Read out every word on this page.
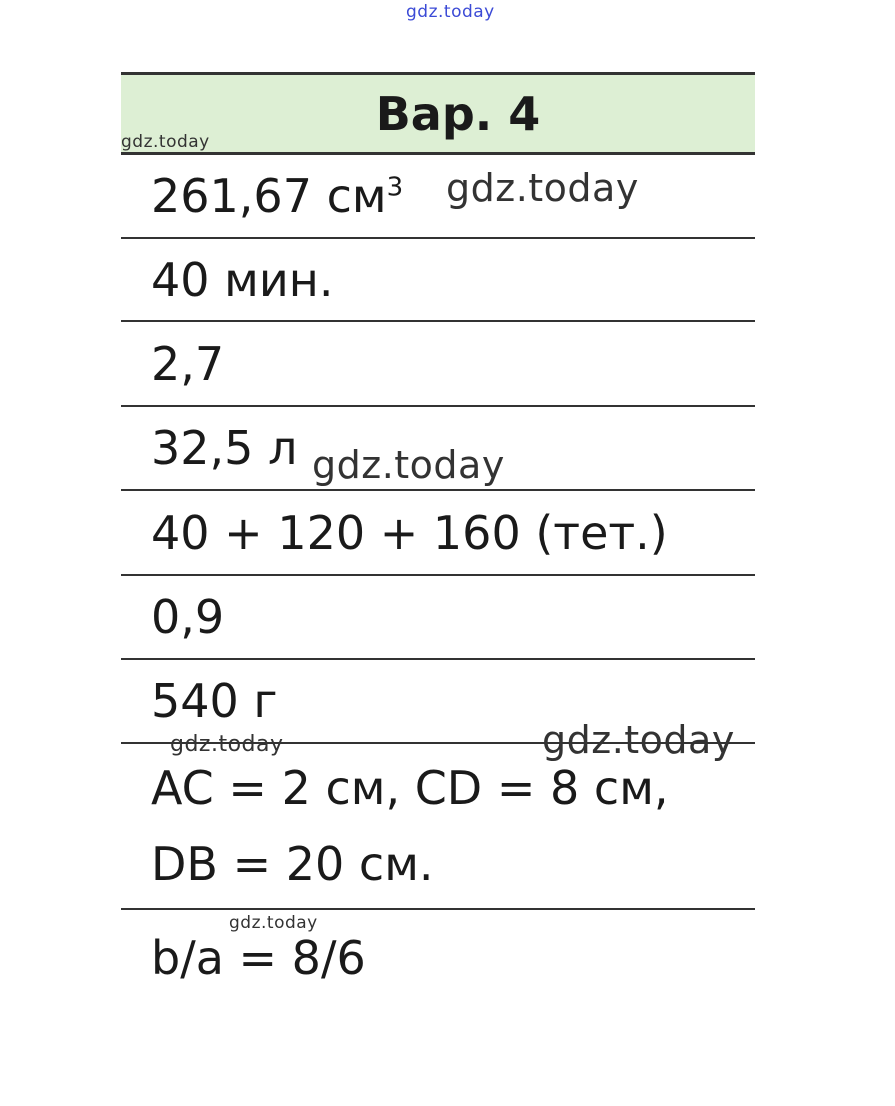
gdz.today
Вар. 4
261,67 $см^3$
40 мин.
2,7
32,5 л
40 + 120 + 160 (тет.)
0,9
540 г
AC = 2 см, CD = 8 см,
DB = 20 см.
b/a = 8/6
gdz.today
gdz.today
gdz.today
gdz.today	gdz.today
gdz.today
